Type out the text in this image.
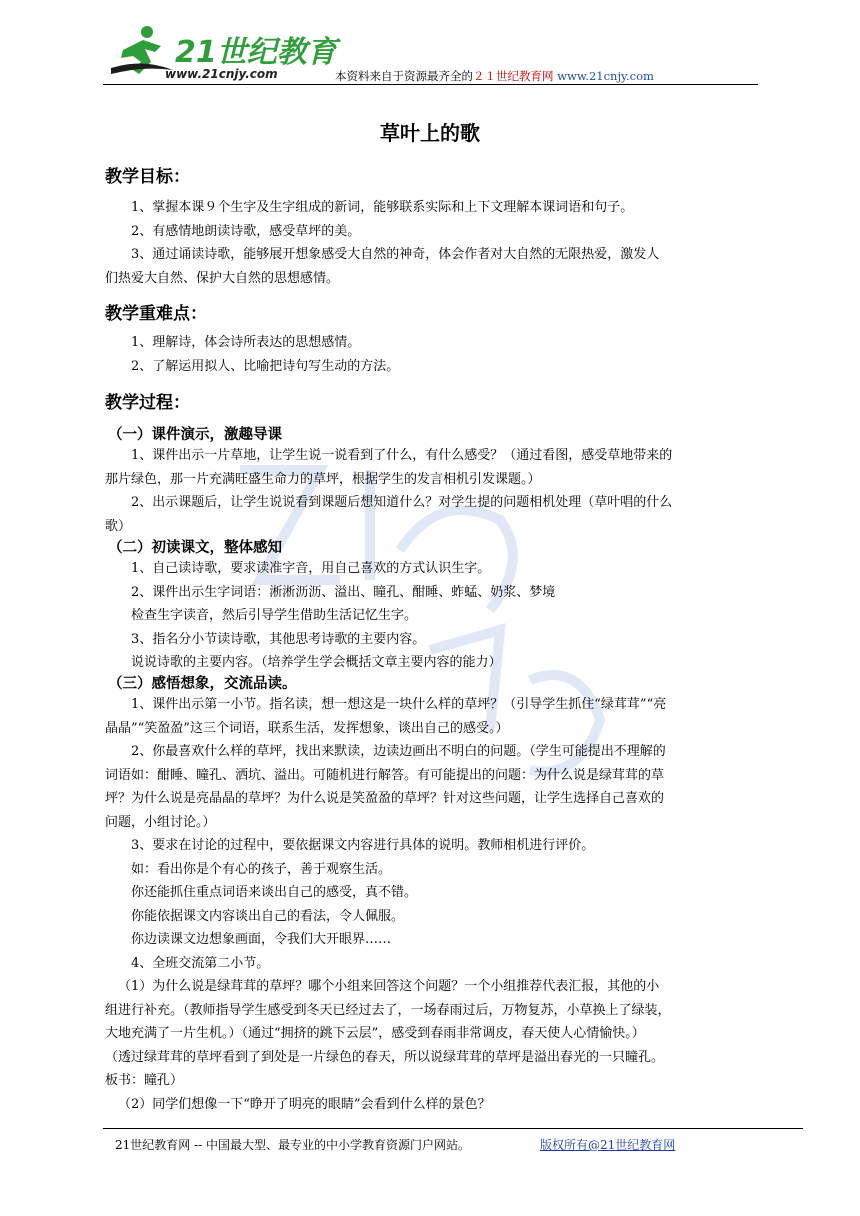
21世纪教育
www.21cnjy.com	本资料来自于资源最齐全的２１世纪教育网 www.21cnjy.com
草叶上的歌
教学目标：
1、掌握本课９个生字及生字组成的新词，能够联系实际和上下文理解本课词语和句子。
2、有感情地朗读诗歌，感受草坪的美。
3、通过诵读诗歌，能够展开想象感受大自然的神奇，体会作者对大自然的无限热爱，激发人
们热爱大自然、保护大自然的思想感情。
教学重难点：
1、理解诗，体会诗所表达的思想感情。
2、了解运用拟人、比喻把诗句写生动的方法。
教学过程：
（一）课件演示，激趣导课
1、课件出示一片草地，让学生说一说看到了什么，有什么感受？（通过看图，感受草地带来的
那片绿色，那一片充满旺盛生命力的草坪，根据学生的发言相机引发课题。）
2、出示课题后，让学生说说看到课题后想知道什么？对学生提的问题相机处理（草叶唱的什么
歌）
（二）初读课文，整体感知
1、自己读诗歌，要求读准字音，用自己喜欢的方式认识生字。
2、课件出示生字词语：淅淅沥沥、溢出、瞳孔、酣睡、蚱蜢、奶浆、梦境
检查生字读音，然后引导学生借助生活记忆生字。
3、指名分小节读诗歌，其他思考诗歌的主要内容。
说说诗歌的主要内容。（培养学生学会概括文章主要内容的能力）
（三）感悟想象，交流品读。
1、课件出示第一小节。指名读，想一想这是一块什么样的草坪？（引导学生抓住“绿茸茸”“亮
晶晶”“笑盈盈”这三个词语，联系生活，发挥想象，谈出自己的感受。）
2、你最喜欢什么样的草坪，找出来默读，边读边画出不明白的问题。（学生可能提出不理解的
词语如：酣睡、瞳孔、洒坑、溢出。可随机进行解答。有可能提出的问题：为什么说是绿茸茸的草
坪？为什么说是亮晶晶的草坪？为什么说是笑盈盈的草坪？针对这些问题，让学生选择自己喜欢的
问题，小组讨论。）
3、要求在讨论的过程中，要依据课文内容进行具体的说明。教师相机进行评价。
如：看出你是个有心的孩子，善于观察生活。
你还能抓住重点词语来谈出自己的感受，真不错。
你能依据课文内容谈出自己的看法，令人佩服。
你边读课文边想象画面，令我们大开眼界……
4、全班交流第二小节。
（1）为什么说是绿茸茸的草坪？哪个小组来回答这个问题？一个小组推荐代表汇报，其他的小
组进行补充。（教师指导学生感受到冬天已经过去了，一场春雨过后，万物复苏，小草换上了绿装，
大地充满了一片生机。）（通过“拥挤的跳下云层”，感受到春雨非常调皮，春天使人心情愉快。）
（透过绿茸茸的草坪看到了到处是一片绿色的春天，所以说绿茸茸的草坪是溢出春光的一只瞳孔。
板书：瞳孔）
（2）同学们想像一下“睁开了明亮的眼睛”会看到什么样的景色？
21世纪教育网 -- 中国最大型、最专业的中小学教育资源门户网站。	版权所有@21世纪教育网
